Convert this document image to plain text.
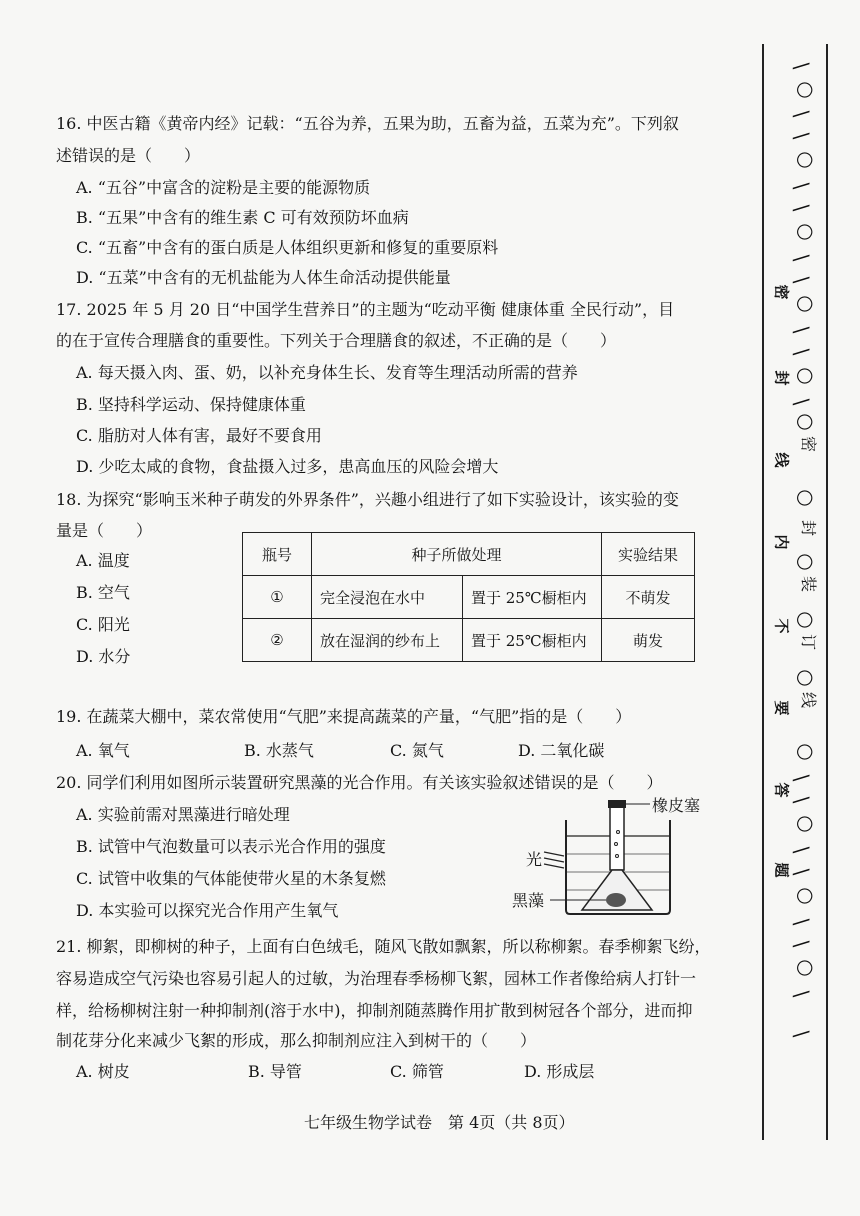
16. 中医古籍《黄帝内经》记载：“五谷为养，五果为助，五畜为益，五菜为充”。下列叙
述错误的是（　　）
A. “五谷”中富含的淀粉是主要的能源物质
B. “五果”中含有的维生素 C 可有效预防坏血病
C. “五畜”中含有的蛋白质是人体组织更新和修复的重要原料
D. “五菜”中含有的无机盐能为人体生命活动提供能量
17. 2025 年 5 月 20 日“中国学生营养日”的主题为“吃动平衡 健康体重 全民行动”，目
的在于宣传合理膳食的重要性。下列关于合理膳食的叙述，不正确的是（　　）
A. 每天摄入肉、蛋、奶，以补充身体生长、发育等生理活动所需的营养
B. 坚持科学运动、保持健康体重
C. 脂肪对人体有害，最好不要食用
D. 少吃太咸的食物，食盐摄入过多，患高血压的风险会增大
18. 为探究“影响玉米种子萌发的外界条件”，兴趣小组进行了如下实验设计，该实验的变
量是（　　）
A. 温度
B. 空气
C. 阳光
D. 水分
瓶号	种子所做处理		实验结果
①	完全浸泡在水中	置于 25℃橱柜内	不萌发
②	放在湿润的纱布上	置于 25℃橱柜内	萌发
19. 在蔬菜大棚中，菜农常使用“气肥”来提高蔬菜的产量，“气肥”指的是（　　）
A. 氧气	B. 水蒸气	C. 氮气	D. 二氧化碳
20. 同学们利用如图所示装置研究黑藻的光合作用。有关该实验叙述错误的是（　　）
A. 实验前需对黑藻进行暗处理
B. 试管中气泡数量可以表示光合作用的强度
C. 试管中收集的气体能使带火星的木条复燃
D. 本实验可以探究光合作用产生氧气
橡皮塞
光
黑藻
21. 柳絮，即柳树的种子，上面有白色绒毛，随风飞散如飘絮，所以称柳絮。春季柳絮飞纷，
容易造成空气污染也容易引起人的过敏，为治理春季杨柳飞絮，园林工作者像给病人打针一
样，给杨柳树注射一种抑制剂(溶于水中)，抑制剂随蒸腾作用扩散到树冠各个部分，进而抑
制花芽分化来减少飞絮的形成，那么抑制剂应注入到树干的（　　）
A. 树皮	B. 导管	C. 筛管	D. 形成层
七年级生物学试卷　第 4页（共 8页）
密
封
线
内
不
要
答
题
密
封
装
订
线
\
○
\
\
○
\
\
○
\
\
○
\
\
○
\
○
○
○
○
○
○
\
\
○
\
\
○
\
\
○
\
\
